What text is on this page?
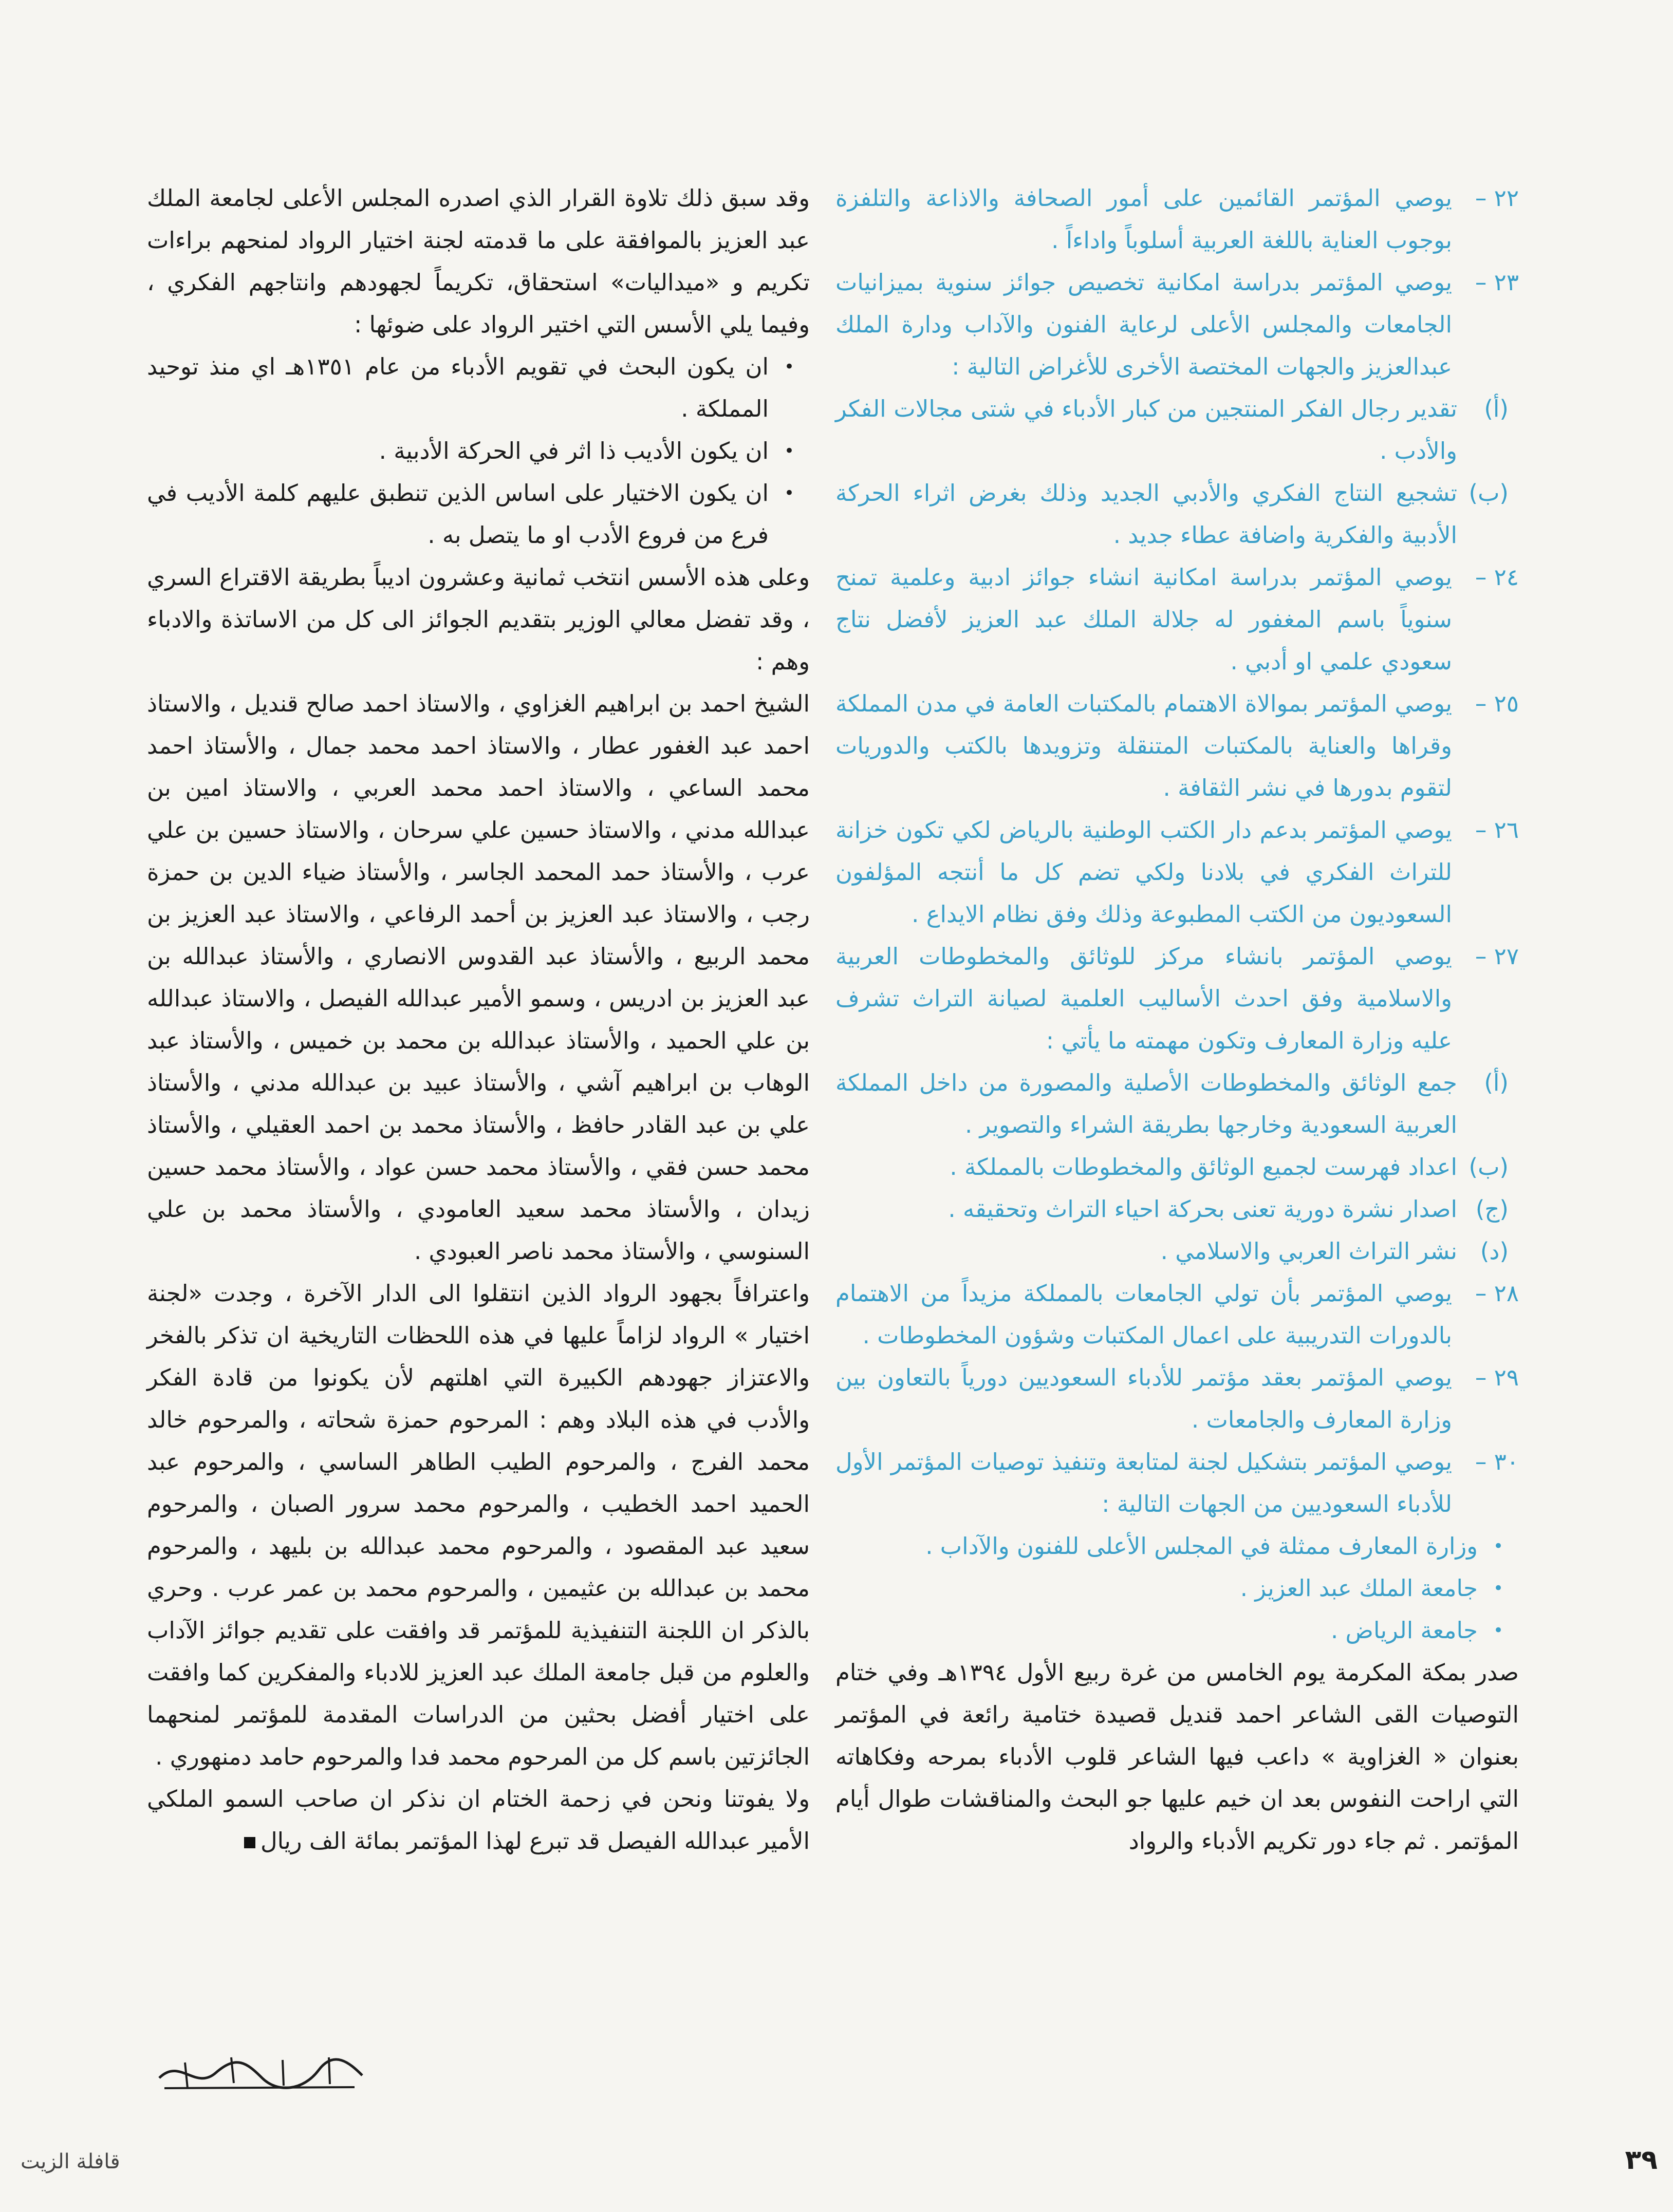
٢٢ –
يوصي المؤتمر القائمين على أمور الصحافة والاذاعة والتلفزة بوجوب العناية باللغة العربية أسلوباً واداءاً .
٢٣ –
يوصي المؤتمر بدراسة امكانية تخصيص جوائز سنوية بميزانيات الجامعات والمجلس الأعلى لرعاية الفنون والآداب ودارة الملك عبدالعزيز والجهات المختصة الأخرى للأغراض التالية :
(أ)
تقدير رجال الفكر المنتجين من كبار الأدباء في شتى مجالات الفكر والأدب .
(ب)
تشجيع النتاج الفكري والأدبي الجديد وذلك بغرض اثراء الحركة الأدبية والفكرية واضافة عطاء جديد .
٢٤ –
يوصي المؤتمر بدراسة امكانية انشاء جوائز ادبية وعلمية تمنح سنوياً باسم المغفور له جلالة الملك عبد العزيز لأفضل نتاج سعودي علمي او أدبي .
٢٥ –
يوصي المؤتمر بموالاة الاهتمام بالمكتبات العامة في مدن المملكة وقراها والعناية بالمكتبات المتنقلة وتزويدها بالكتب والدوريات لتقوم بدورها في نشر الثقافة .
٢٦ –
يوصي المؤتمر بدعم دار الكتب الوطنية بالرياض لكي تكون خزانة للتراث الفكري في بلادنا ولكي تضم كل ما أنتجه المؤلفون السعوديون من الكتب المطبوعة وذلك وفق نظام الايداع .
٢٧ –
يوصي المؤتمر بانشاء مركز للوثائق والمخطوطات العربية والاسلامية وفق احدث الأساليب العلمية لصيانة التراث تشرف عليه وزارة المعارف وتكون مهمته ما يأتي :
(أ)
جمع الوثائق والمخطوطات الأصلية والمصورة من داخل المملكة العربية السعودية وخارجها بطريقة الشراء والتصوير .
(ب)
اعداد فهرست لجميع الوثائق والمخطوطات بالمملكة .
(ج)
اصدار نشرة دورية تعنى بحركة احياء التراث وتحقيقه .
(د)
نشر التراث العربي والاسلامي .
٢٨ –
يوصي المؤتمر بأن تولي الجامعات بالمملكة مزيداً من الاهتمام بالدورات التدريبية على اعمال المكتبات وشؤون المخطوطات .
٢٩ –
يوصي المؤتمر بعقد مؤتمر للأدباء السعوديين دورياً بالتعاون بين وزارة المعارف والجامعات .
٣٠ –
يوصي المؤتمر بتشكيل لجنة لمتابعة وتنفيذ توصيات المؤتمر الأول للأدباء السعوديين من الجهات التالية :
•
وزارة المعارف ممثلة في المجلس الأعلى للفنون والآداب .
•
جامعة الملك عبد العزيز .
•
جامعة الرياض .

صدر بمكة المكرمة يوم الخامس من غرة ربيع الأول ١٣٩٤هـ وفي ختام التوصيات القى الشاعر احمد قنديل قصيدة ختامية رائعة في المؤتمر بعنوان « الغزاوية » داعب فيها الشاعر قلوب الأدباء بمرحه وفكاهاته التي اراحت النفوس بعد ان خيم عليها جو البحث والمناقشات طوال أيام المؤتمر . ثم جاء دور تكريم الأدباء والرواد

وقد سبق ذلك تلاوة القرار الذي اصدره المجلس الأعلى لجامعة الملك عبد العزيز بالموافقة على ما قدمته لجنة اختيار الرواد لمنحهم براءات تكريم و «ميداليات» استحقاق، تكريماً لجهودهم وانتاجهم الفكري ، وفيما يلي الأسس التي اختير الرواد على ضوئها :

•
ان يكون البحث في تقويم الأدباء من عام ١٣٥١هـ اي منذ توحيد المملكة .
•
ان يكون الأديب ذا اثر في الحركة الأدبية .
•
ان يكون الاختيار على اساس الذين تنطبق عليهم كلمة الأديب في فرع من فروع الأدب او ما يتصل به .

وعلى هذه الأسس انتخب ثمانية وعشرون اديباً بطريقة الاقتراع السري ، وقد تفضل معالي الوزير بتقديم الجوائز الى كل من الاساتذة والادباء وهم :

الشيخ احمد بن ابراهيم الغزاوي ، والاستاذ احمد صالح قنديل ، والاستاذ احمد عبد الغفور عطار ، والاستاذ احمد محمد جمال ، والأستاذ احمد محمد الساعي ، والاستاذ احمد محمد العربي ، والاستاذ امين بن عبدالله مدني ، والاستاذ حسين علي سرحان ، والاستاذ حسين بن علي عرب ، والأستاذ حمد المحمد الجاسر ، والأستاذ ضياء الدين بن حمزة رجب ، والاستاذ عبد العزيز بن أحمد الرفاعي ، والاستاذ عبد العزيز بن محمد الربيع ، والأستاذ عبد القدوس الانصاري ، والأستاذ عبدالله بن عبد العزيز بن ادريس ، وسمو الأمير عبدالله الفيصل ، والاستاذ عبدالله بن علي الحميد ، والأستاذ عبدالله بن محمد بن خميس ، والأستاذ عبد الوهاب بن ابراهيم آشي ، والأستاذ عبيد بن عبدالله مدني ، والأستاذ علي بن عبد القادر حافظ ، والأستاذ محمد بن احمد العقيلي ، والأستاذ محمد حسن فقي ، والأستاذ محمد حسن عواد ، والأستاذ محمد حسين زيدان ، والأستاذ محمد سعيد العامودي ، والأستاذ محمد بن علي السنوسي ، والأستاذ محمد ناصر العبودي .

واعترافاً بجهود الرواد الذين انتقلوا الى الدار الآخرة ، وجدت «لجنة اختيار » الرواد لزاماً عليها في هذه اللحظات التاريخية ان تذكر بالفخر والاعتزاز جهودهم الكبيرة التي اهلتهم لأن يكونوا من قادة الفكر والأدب في هذه البلاد وهم : المرحوم حمزة شحاته ، والمرحوم خالد محمد الفرج ، والمرحوم الطيب الطاهر الساسي ، والمرحوم عبد الحميد احمد الخطيب ، والمرحوم محمد سرور الصبان ، والمرحوم سعيد عبد المقصود ، والمرحوم محمد عبدالله بن بليهد ، والمرحوم محمد بن عبدالله بن عثيمين ، والمرحوم محمد بن عمر عرب . وحري بالذكر ان اللجنة التنفيذية للمؤتمر قد وافقت على تقديم جوائز الآداب والعلوم من قبل جامعة الملك عبد العزيز للادباء والمفكرين كما وافقت على اختيار أفضل بحثين من الدراسات المقدمة للمؤتمر لمنحهما الجائزتين باسم كل من المرحوم محمد فدا والمرحوم حامد دمنهوري .

ولا يفوتنا ونحن في زحمة الختام ان نذكر ان صاحب السمو الملكي الأمير عبدالله الفيصل قد تبرع لهذا المؤتمر بمائة الف ريال

٣٩
قافلة الزيت
